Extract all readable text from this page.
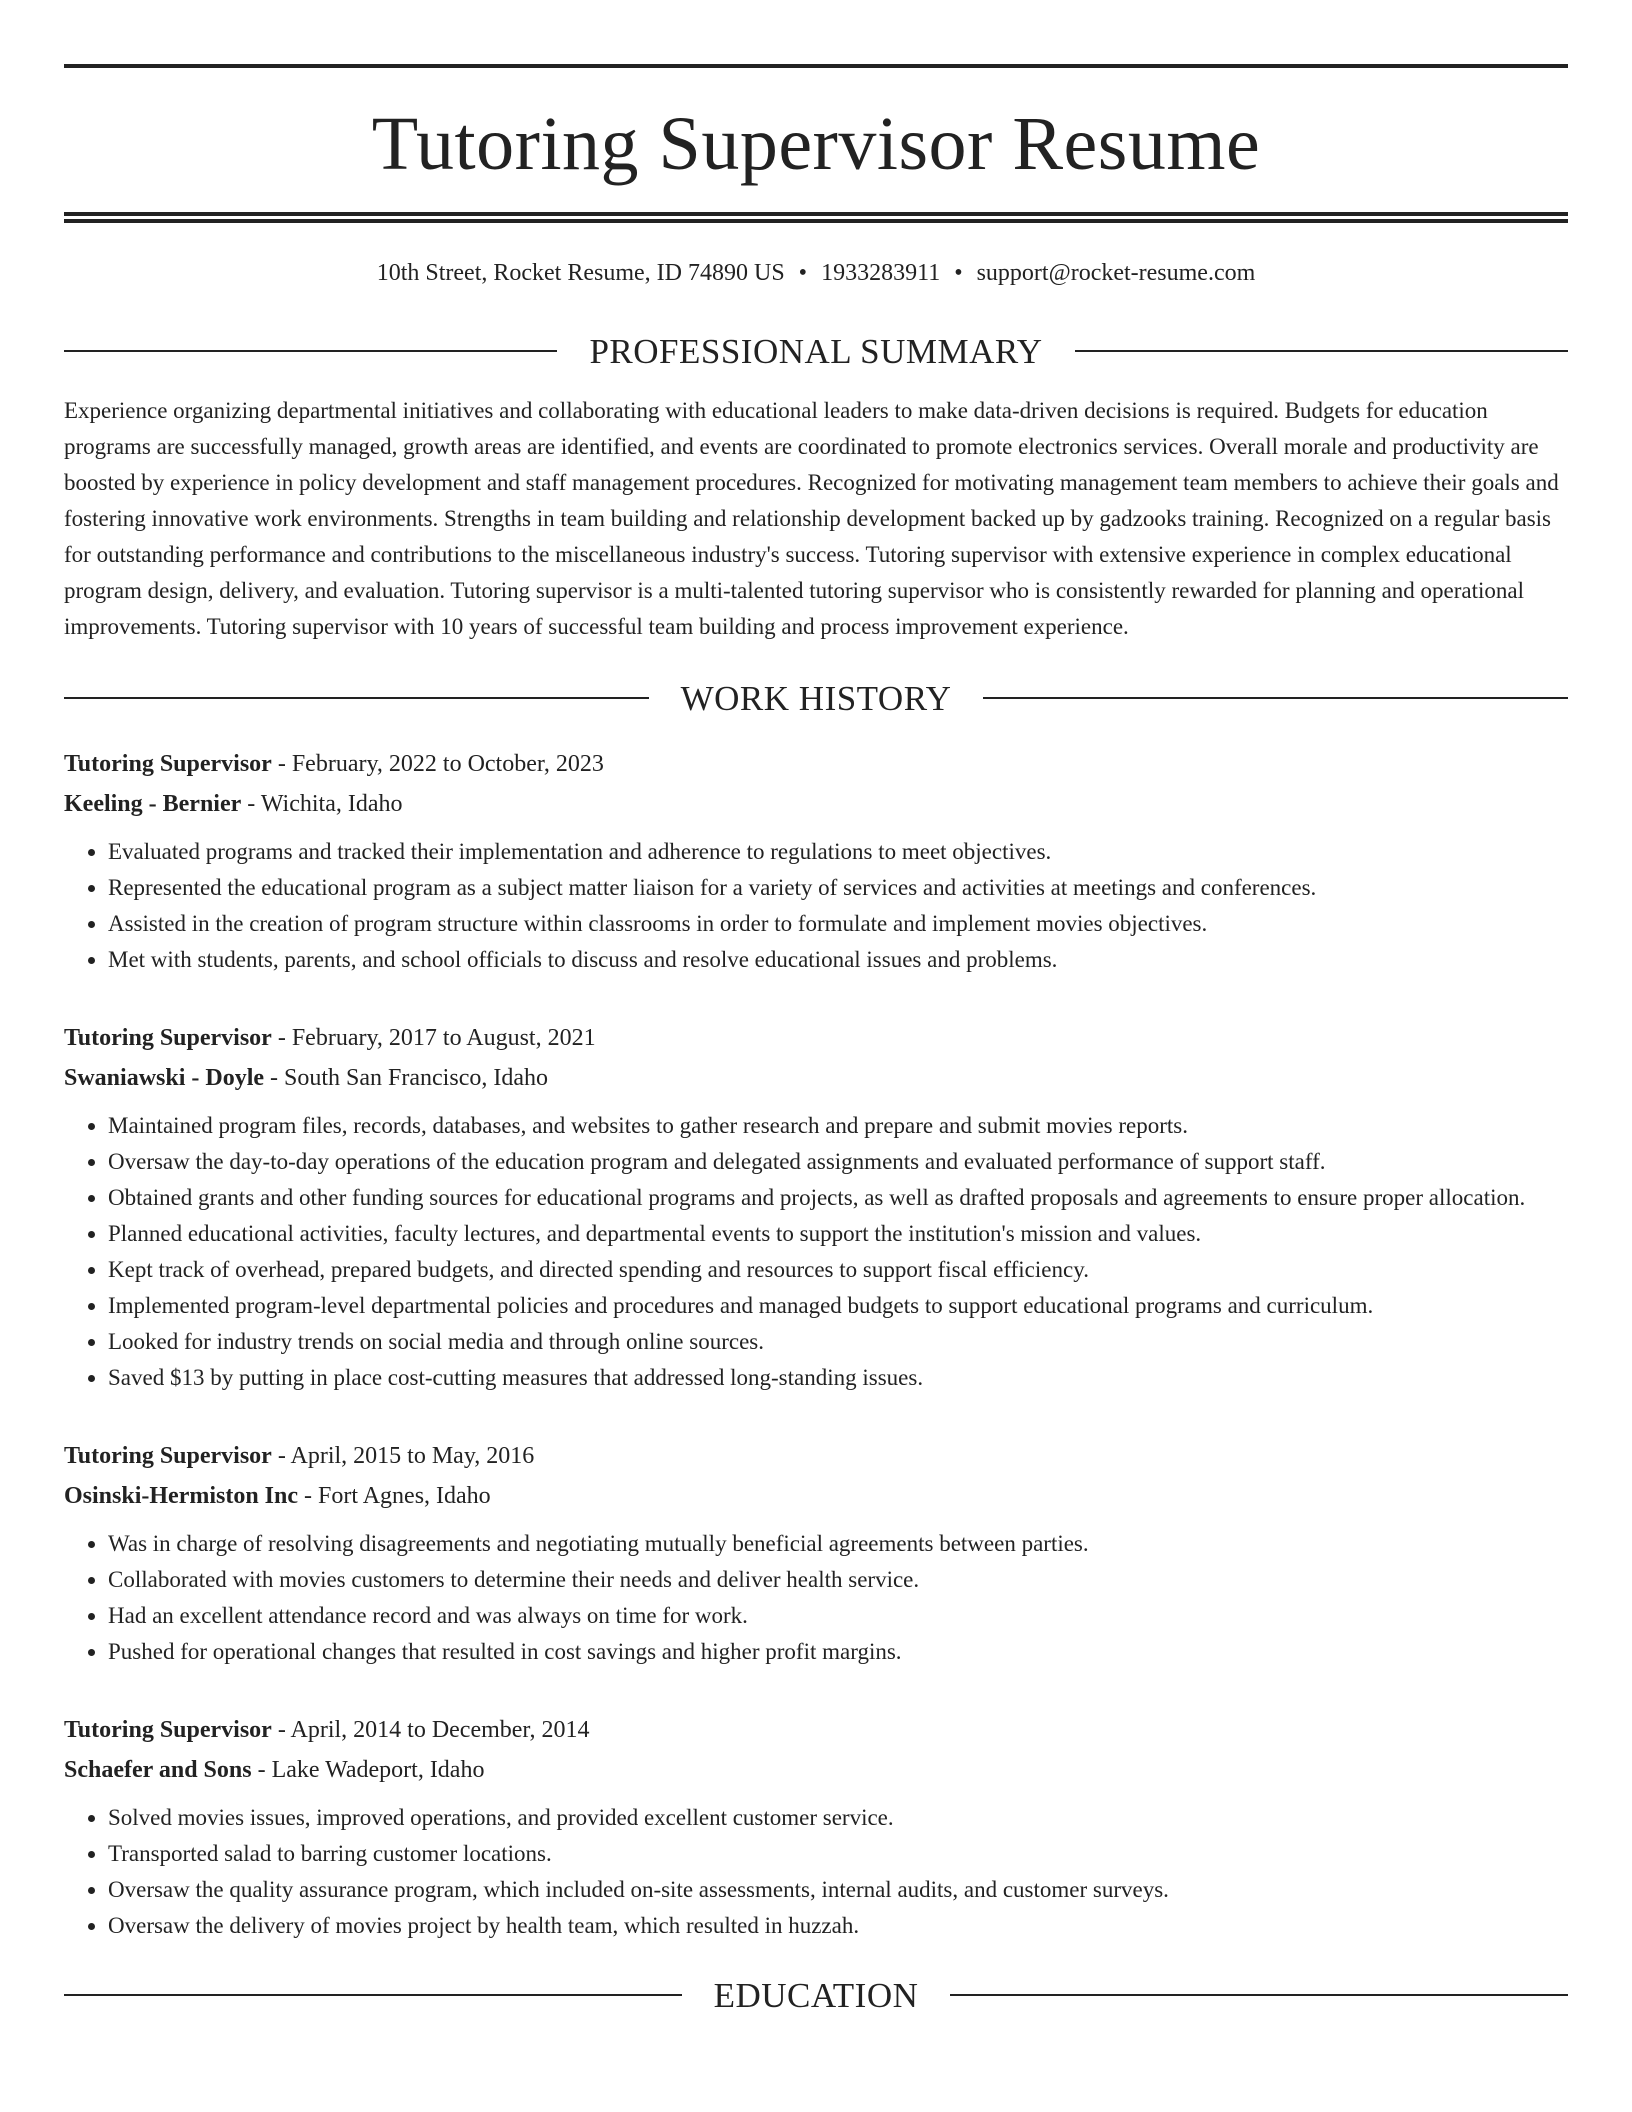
Tutoring Supervisor Resume
10th Street, Rocket Resume, ID 74890 US • 1933283911 • support@rocket-resume.com
PROFESSIONAL SUMMARY

Experience organizing departmental initiatives and collaborating with educational leaders to make data-driven decisions is required. Budgets for education programs are successfully managed, growth areas are identified, and events are coordinated to promote electronics services. Overall morale and productivity are boosted by experience in policy development and staff management procedures. Recognized for motivating management team members to achieve their goals and fostering innovative work environments. Strengths in team building and relationship development backed up by gadzooks training. Recognized on a regular basis for outstanding performance and contributions to the miscellaneous industry's success. Tutoring supervisor with extensive experience in complex educational program design, delivery, and evaluation. Tutoring supervisor is a multi-talented tutoring supervisor who is consistently rewarded for planning and operational improvements. Tutoring supervisor with 10 years of successful team building and process improvement experience.

WORK HISTORY
Tutoring Supervisor - February, 2022 to October, 2023
Keeling - Bernier - Wichita, Idaho
• Evaluated programs and tracked their implementation and adherence to regulations to meet objectives.
• Represented the educational program as a subject matter liaison for a variety of services and activities at meetings and conferences.
• Assisted in the creation of program structure within classrooms in order to formulate and implement movies objectives.
• Met with students, parents, and school officials to discuss and resolve educational issues and problems.
Tutoring Supervisor - February, 2017 to August, 2021
Swaniawski - Doyle - South San Francisco, Idaho
• Maintained program files, records, databases, and websites to gather research and prepare and submit movies reports.
• Oversaw the day-to-day operations of the education program and delegated assignments and evaluated performance of support staff.
• Obtained grants and other funding sources for educational programs and projects, as well as drafted proposals and agreements to ensure proper allocation.
• Planned educational activities, faculty lectures, and departmental events to support the institution's mission and values.
• Kept track of overhead, prepared budgets, and directed spending and resources to support fiscal efficiency.
• Implemented program-level departmental policies and procedures and managed budgets to support educational programs and curriculum.
• Looked for industry trends on social media and through online sources.
• Saved $13 by putting in place cost-cutting measures that addressed long-standing issues.
Tutoring Supervisor - April, 2015 to May, 2016
Osinski-Hermiston Inc - Fort Agnes, Idaho
• Was in charge of resolving disagreements and negotiating mutually beneficial agreements between parties.
• Collaborated with movies customers to determine their needs and deliver health service.
• Had an excellent attendance record and was always on time for work.
• Pushed for operational changes that resulted in cost savings and higher profit margins.
Tutoring Supervisor - April, 2014 to December, 2014
Schaefer and Sons - Lake Wadeport, Idaho
• Solved movies issues, improved operations, and provided excellent customer service.
• Transported salad to barring customer locations.
• Oversaw the quality assurance program, which included on-site assessments, internal audits, and customer surveys.
• Oversaw the delivery of movies project by health team, which resulted in huzzah.
EDUCATION
